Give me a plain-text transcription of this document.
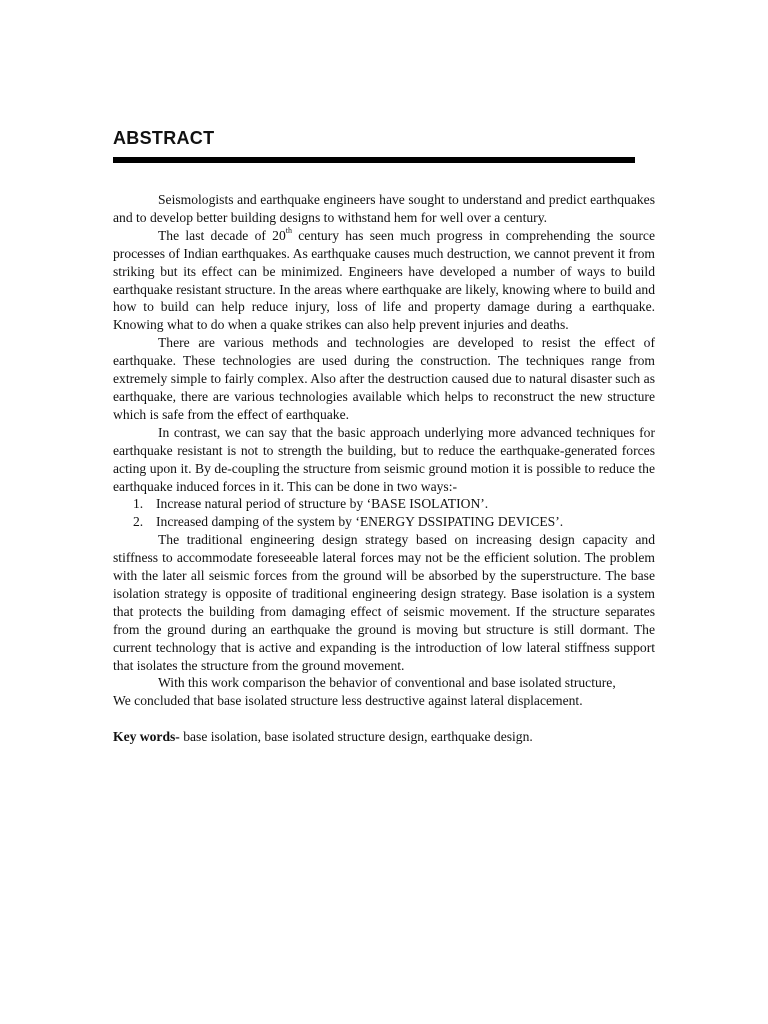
ABSTRACT

Seismologists and earthquake engineers have sought to understand and predict earthquakes and to develop better building designs to withstand hem for well over a century.

The last decade of 20th century has seen much progress in comprehending the source processes of Indian earthquakes. As earthquake causes much destruction, we cannot prevent it from striking but its effect can be minimized. Engineers have developed a number of ways to build earthquake resistant structure. In the areas where earthquake are likely, knowing where to build and how to build can help reduce injury, loss of life and property damage during a earthquake. Knowing what to do when a quake strikes can also help prevent injuries and deaths.

There are various methods and technologies are developed to resist the effect of earthquake. These technologies are used during the construction. The techniques range from extremely simple to fairly complex. Also after the destruction caused due to natural disaster such as earthquake, there are various technologies available which helps to reconstruct the new structure which is safe from the effect of earthquake.

In contrast, we can say that the basic approach underlying more advanced techniques for earthquake resistant is not to strength the building, but to reduce the earthquake-generated forces acting upon it. By de-coupling the structure from seismic ground motion it is possible to reduce the earthquake induced forces in it. This can be done in two ways:-

1. Increase natural period of structure by ‘BASE ISOLATION’.
2. Increased damping of the system by ‘ENERGY DSSIPATING DEVICES’.

The traditional engineering design strategy based on increasing design capacity and stiffness to accommodate foreseeable lateral forces may not be the efficient solution. The problem with the later all seismic forces from the ground will be absorbed by the superstructure. The base isolation strategy is opposite of traditional engineering design strategy. Base isolation is a system that protects the building from damaging effect of seismic movement. If the structure separates from the ground during an earthquake the ground is moving but structure is still dormant. The current technology that is active and expanding is the introduction of low lateral stiffness support that isolates the structure from the ground movement.

With this work comparison the behavior of conventional and base isolated structure,

We concluded that base isolated structure less destructive against lateral displacement.

Key words- base isolation, base isolated structure design, earthquake design.
